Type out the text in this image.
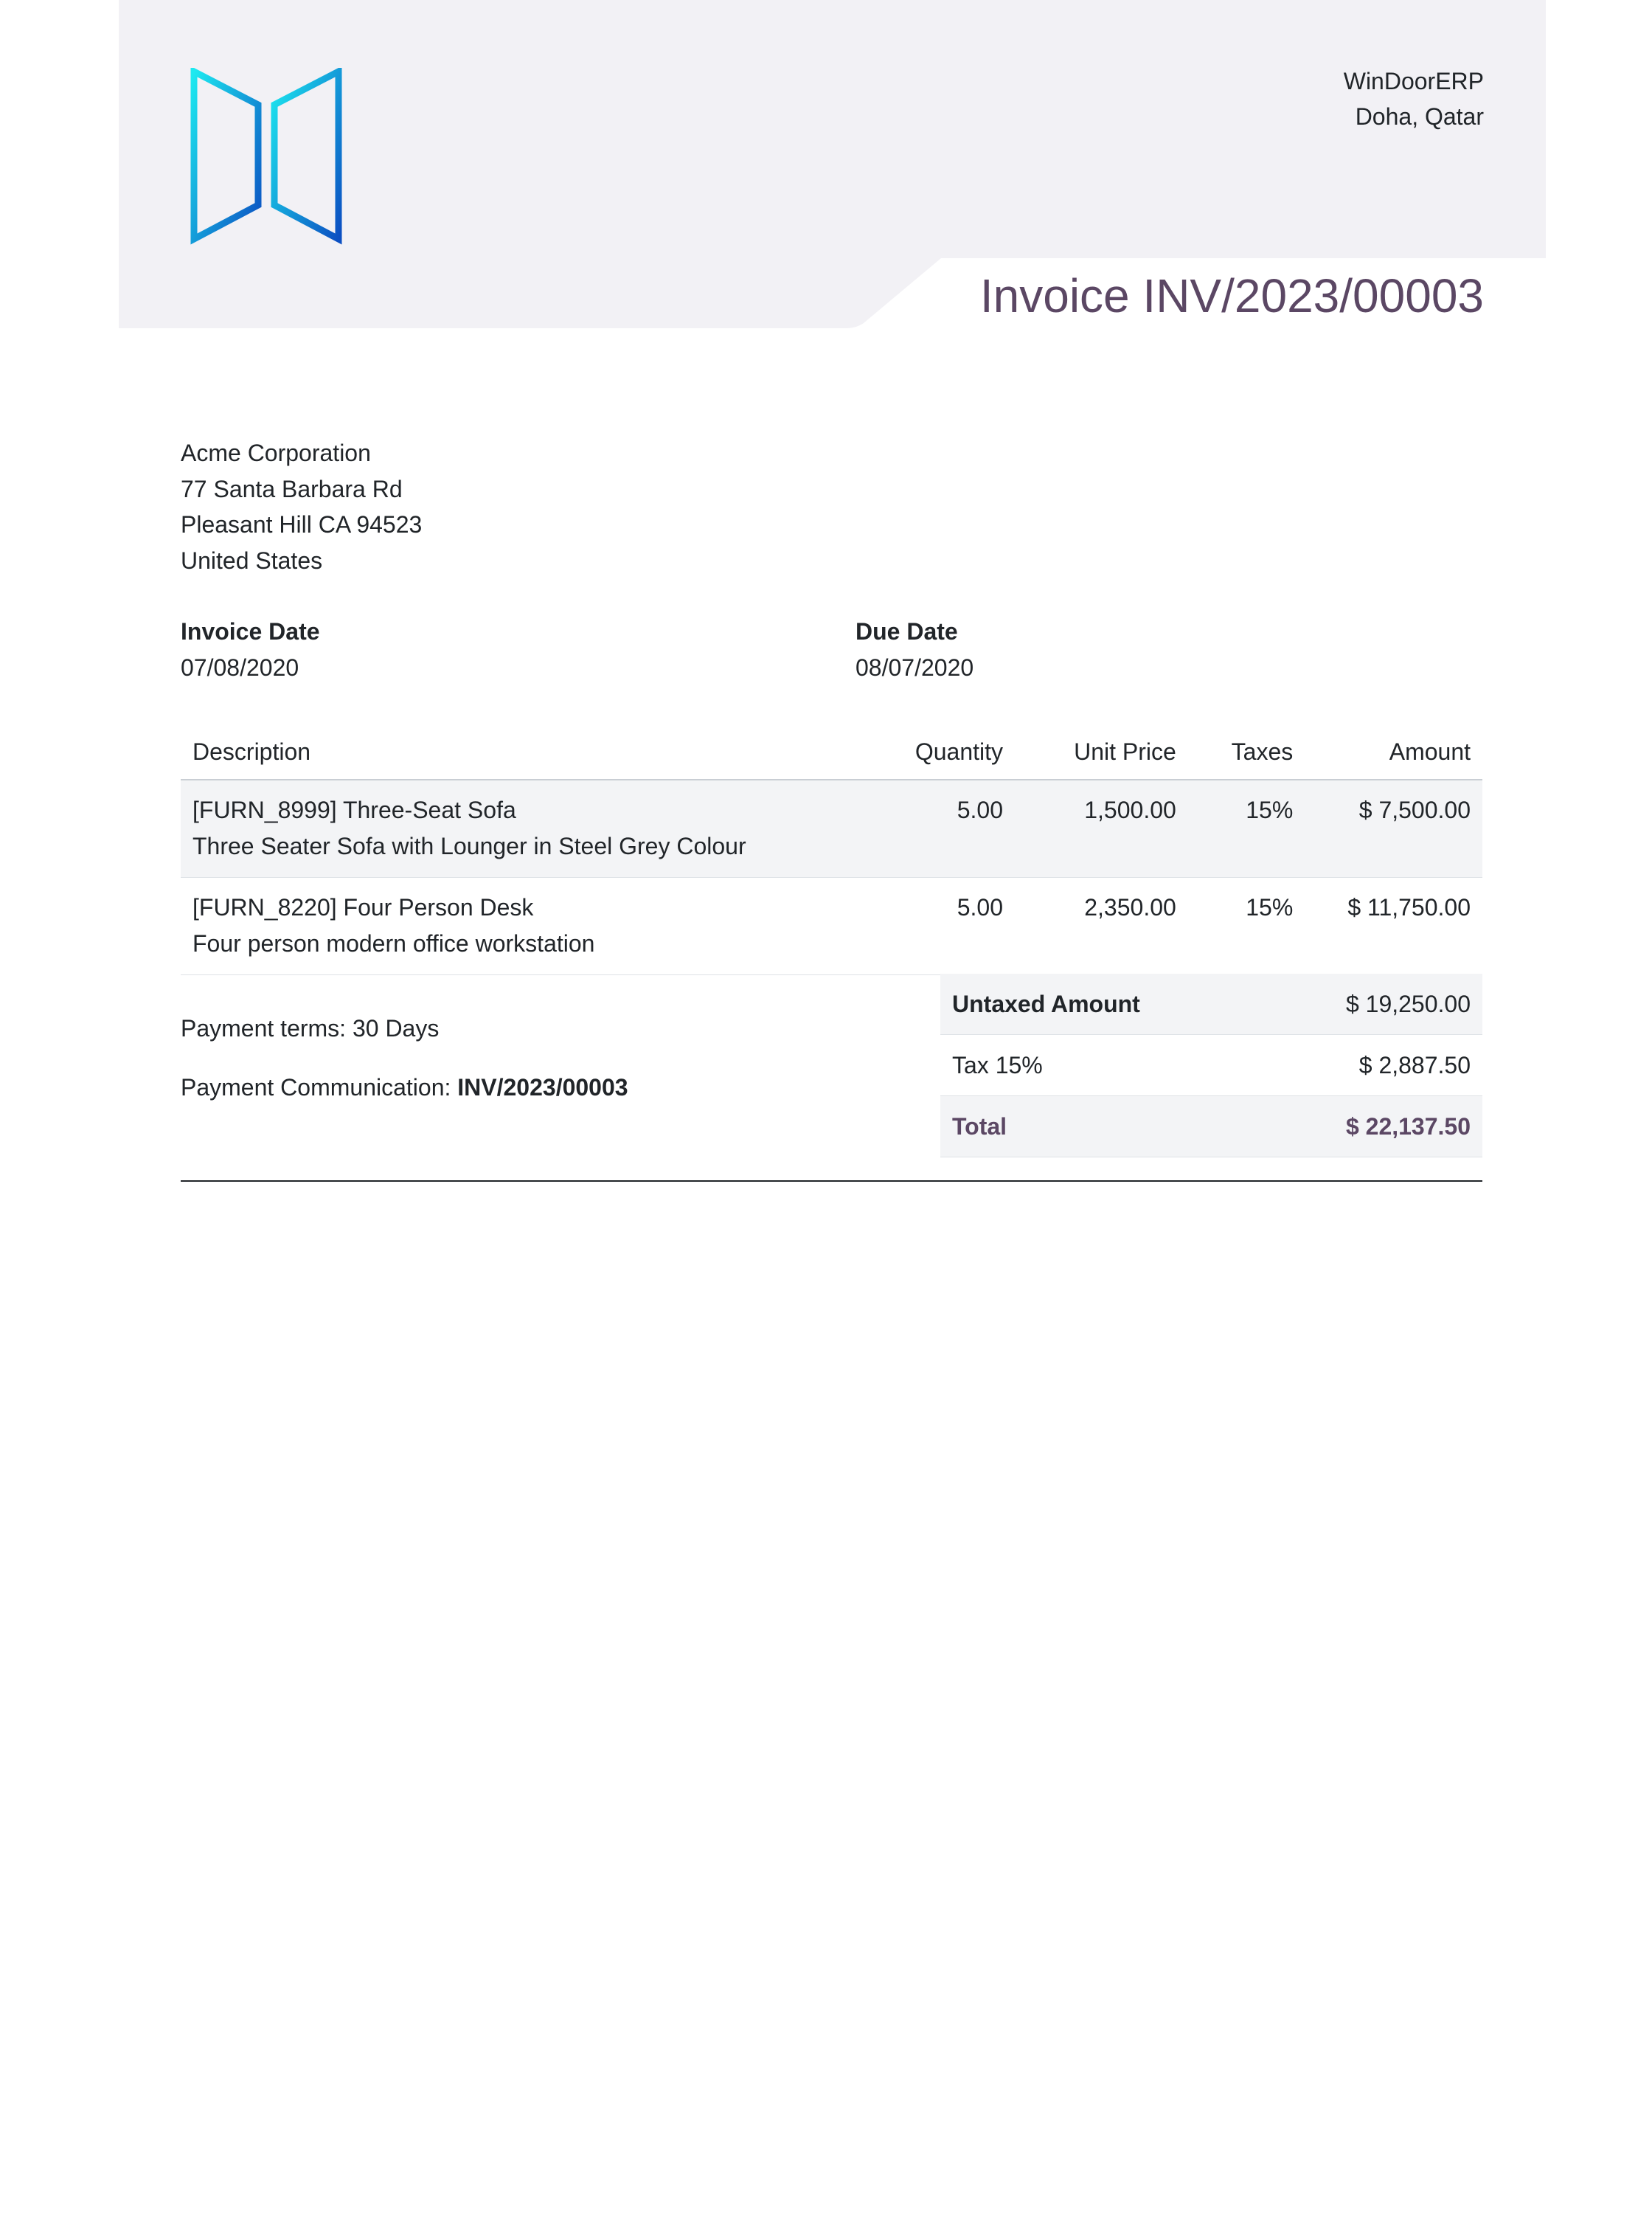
WinDoorERP
Doha, Qatar
Invoice INV/2023/00003
Acme Corporation
77 Santa Barbara Rd
Pleasant Hill CA 94523
United States
Invoice Date
07/08/2020
Due Date
08/07/2020
Description	Quantity	Unit Price	Taxes	Amount

[FURN_8999] Three-Seat Sofa
Three Seater Sofa with Lounger in Steel Grey Colour	5.00	1,500.00	15%	$ 7,500.00

[FURN_8220] Four Person Desk
Four person modern office workstation	5.00	2,350.00	15%	$ 11,750.00
Payment terms: 30 Days
Payment Communication: INV/2023/00003
Untaxed Amount	$ 19,250.00
Tax 15%	$ 2,887.50
Total	$ 22,137.50
